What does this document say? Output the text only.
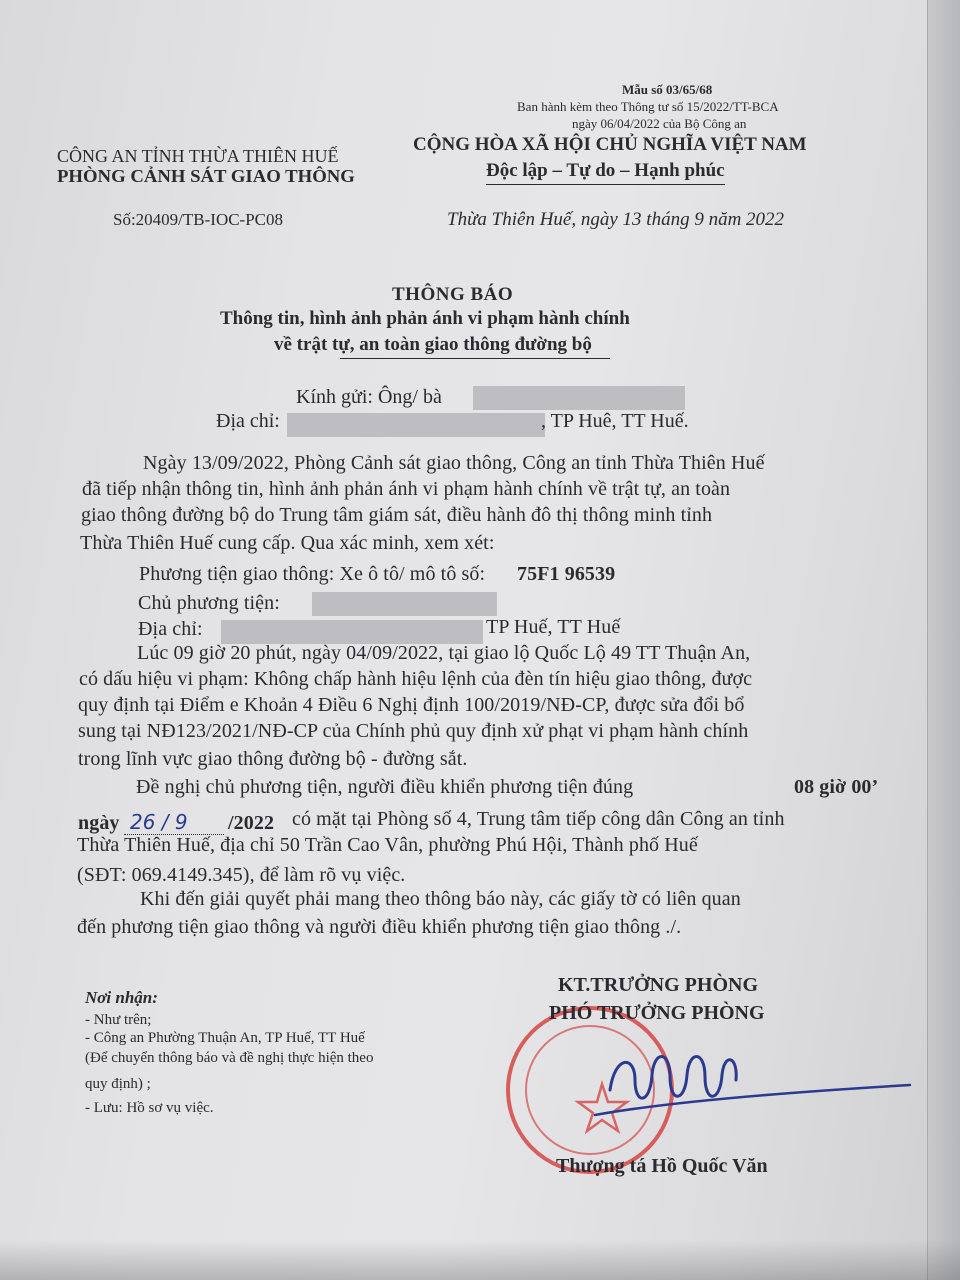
Mẫu số 03/65/68
Ban hành kèm theo Thông tư số 15/2022/TT-BCA
ngày 06/04/2022 của Bộ Công an
CÔNG AN TỈNH THỪA THIÊN HUẾ
PHÒNG CẢNH SÁT GIAO THÔNG
Số:20409/TB-IOC-PC08
CỘNG HÒA XÃ HỘI CHỦ NGHĨA VIỆT NAM
Độc lập – Tự do – Hạnh phúc
Thừa Thiên Huế, ngày 13 tháng 9 năm 2022
THÔNG BÁO
Thông tin, hình ảnh phản ánh vi phạm hành chính
về trật tự, an toàn giao thông đường bộ
Kính gửi: Ông/ bà
Địa chỉ:	, TP Huê, TT Huế.
Ngày 13/09/2022, Phòng Cảnh sát giao thông, Công an tỉnh Thừa Thiên Huế
đã tiếp nhận thông tin, hình ảnh phản ánh vi phạm hành chính về trật tự, an toàn
giao thông đường bộ do Trung tâm giám sát, điều hành đô thị thông minh tỉnh
Thừa Thiên Huế cung cấp. Qua xác minh, xem xét:
Phương tiện giao thông: Xe ô tô/ mô tô số: 75F1 96539
Chủ phương tiện:
Địa chỉ:	TP Huế, TT Huế
Lúc 09 giờ 20 phút, ngày 04/09/2022, tại giao lộ Quốc Lộ 49 TT Thuận An,
có dấu hiệu vi phạm: Không chấp hành hiệu lệnh của đèn tín hiệu giao thông, được
quy định tại Điểm e Khoản 4 Điều 6 Nghị định 100/2019/NĐ-CP, được sửa đổi bổ
sung tại NĐ123/2021/NĐ-CP của Chính phủ quy định xử phạt vi phạm hành chính
trong lĩnh vực giao thông đường bộ - đường sắt.
Đề nghị chủ phương tiện, người điều khiển phương tiện đúng	08 giờ 00’
ngày 26 / 9 /2022 có mặt tại Phòng số 4, Trung tâm tiếp công dân Công an tỉnh
Thừa Thiên Huế, địa chỉ 50 Trần Cao Vân, phường Phú Hội, Thành phố Huế
(SĐT: 069.4149.345), để làm rõ vụ việc.
Khi đến giải quyết phải mang theo thông báo này, các giấy tờ có liên quan
đến phương tiện giao thông và người điều khiển phương tiện giao thông ./.
Nơi nhận:
- Như trên;
- Công an Phường Thuận An, TP Huế, TT Huế
(Để chuyển thông báo và đề nghị thực hiện theo
quy định) ;
- Lưu: Hồ sơ vụ việc.
KT.TRƯỞNG PHÒNG
PHÓ TRƯỞNG PHÒNG
Thượng tá Hồ Quốc Văn
